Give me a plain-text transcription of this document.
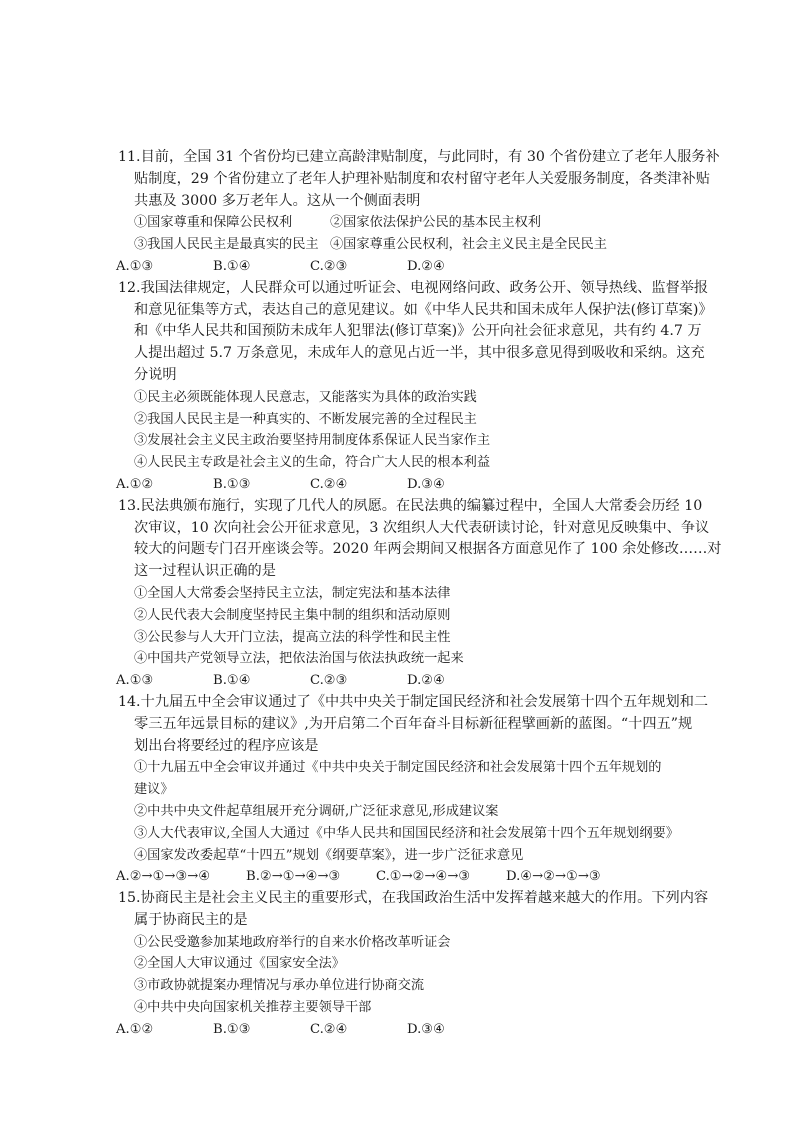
11.目前，全国 31 个省份均已建立高龄津贴制度，与此同时，有 30 个省份建立了老年人服务补
贴制度，29 个省份建立了老年人护理补贴制度和农村留守老年人关爱服务制度，各类津补贴
共惠及 3000 多万老年人。这从一个侧面表明
①国家尊重和保障公民权利	②国家依法保护公民的基本民主权利
③我国人民民主是最真实的民主 ④国家尊重公民权利，社会主义民主是全民民主
A.①③	B.①④	C.②③	D.②④
12.我国法律规定，人民群众可以通过听证会、电视网络问政、政务公开、领导热线、监督举报
和意见征集等方式，表达自己的意见建议。如《中华人民共和国未成年人保护法(修订草案)》
和《中华人民共和国预防未成年人犯罪法(修订草案)》公开向社会征求意见，共有约 4.7 万
人提出超过 5.7 万条意见，未成年人的意见占近一半，其中很多意见得到吸收和采纳。这充
分说明
①民主必须既能体现人民意志，又能落实为具体的政治实践
②我国人民民主是一种真实的、不断发展完善的全过程民主
③发展社会主义民主政治要坚持用制度体系保证人民当家作主
④人民民主专政是社会主义的生命，符合广大人民的根本利益
A.①②	B.①③	C.②④	D.③④
13.民法典颁布施行，实现了几代人的夙愿。在民法典的编纂过程中，全国人大常委会历经 10
次审议，10 次向社会公开征求意见，3 次组织人大代表研读讨论，针对意见反映集中、争议
较大的问题专门召开座谈会等。2020 年两会期间又根据各方面意见作了 100 余处修改……对
这一过程认识正确的是
①全国人大常委会坚持民主立法，制定宪法和基本法律
②人民代表大会制度坚持民主集中制的组织和活动原则
③公民参与人大开门立法，提高立法的科学性和民主性
④中国共产党领导立法，把依法治国与依法执政统一起来
A.①③	B.①④	C.②③	D.②④
14.十九届五中全会审议通过了《中共中央关于制定国民经济和社会发展第十四个五年规划和二
零三五年远景目标的建议》,为开启第二个百年奋斗目标新征程擘画新的蓝图。“十四五”规
划出台将要经过的程序应该是
①十九届五中全会审议并通过《中共中央关于制定国民经济和社会发展第十四个五年规划的
建议》
②中共中央文件起草组展开充分调研,广泛征求意见,形成建议案
③人大代表审议,全国人大通过《中华人民共和国国民经济和社会发展第十四个五年规划纲要》
④国家发改委起草“十四五”规划《纲要草案》，进一步广泛征求意见
A.②→①→③→④	B.②→①→④→③	C.①→②→④→③	D.④→②→①→③
15.协商民主是社会主义民主的重要形式，在我国政治生活中发挥着越来越大的作用。下列内容
属于协商民主的是
①公民受邀参加某地政府举行的自来水价格改革听证会
②全国人大审议通过《国家安全法》
③市政协就提案办理情况与承办单位进行协商交流
④中共中央向国家机关推荐主要领导干部
A.①②	B.①③	C.②④	D.③④
